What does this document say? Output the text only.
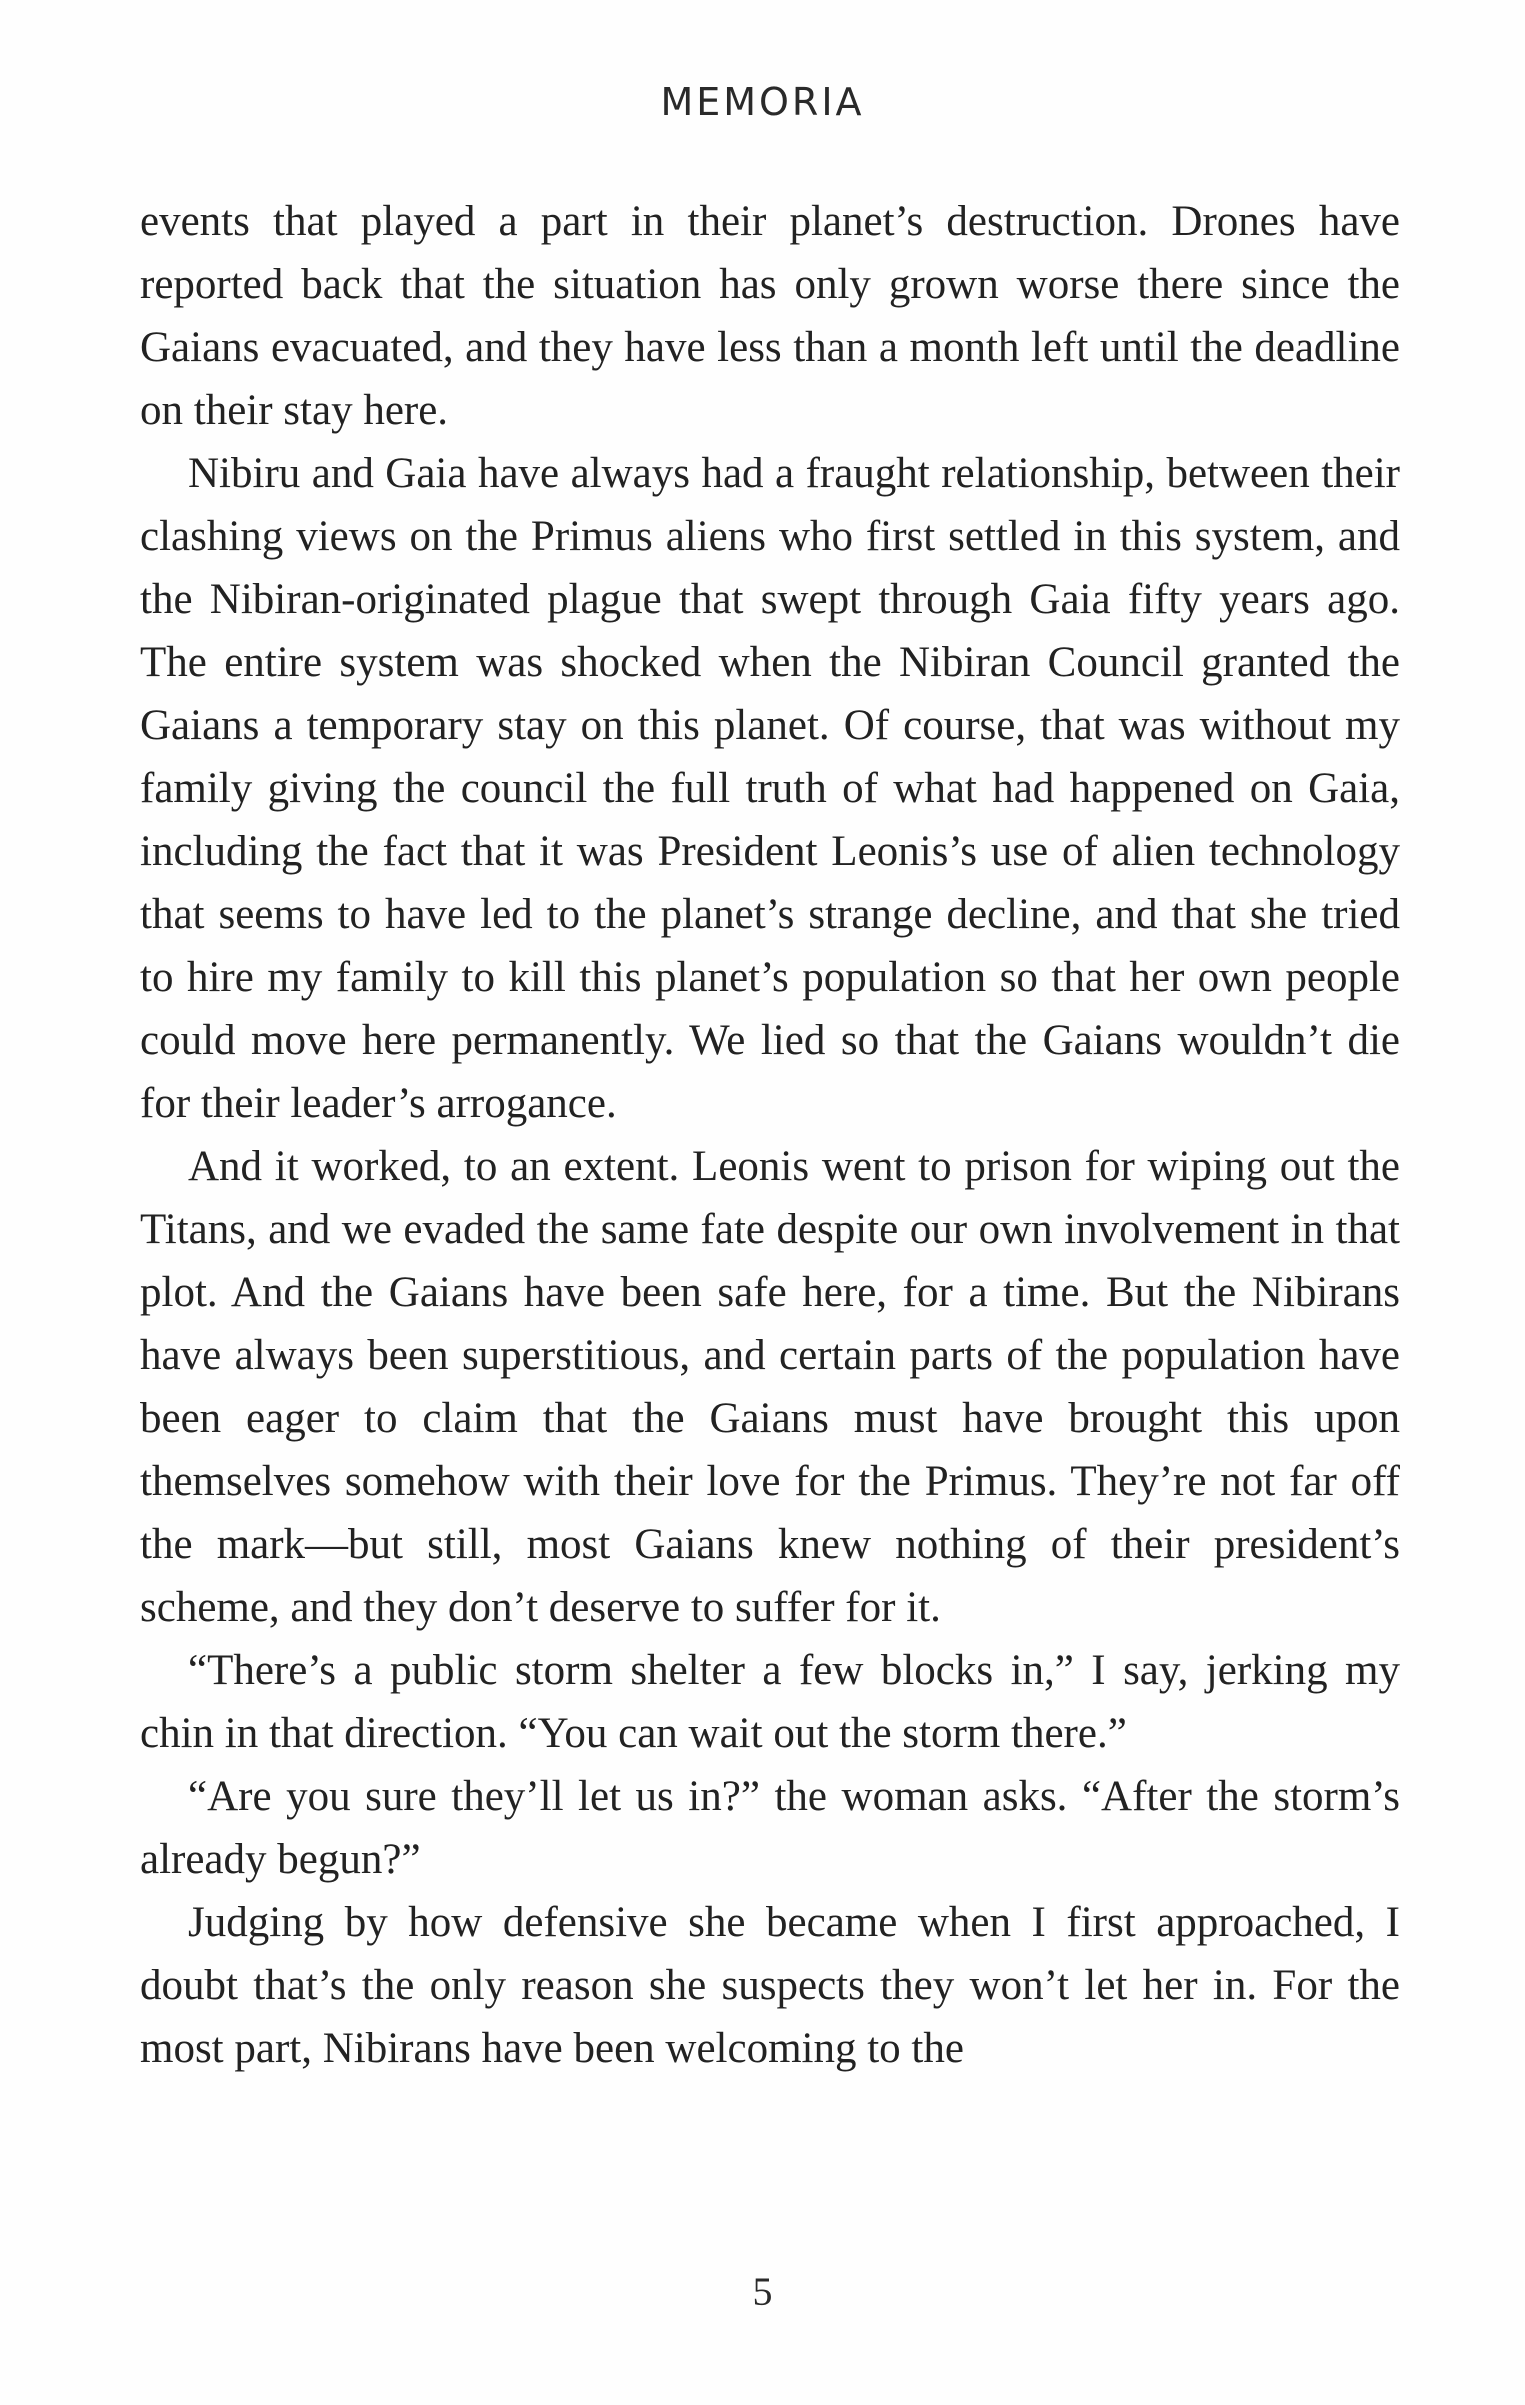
MEMORIA

events that played a part in their planet’s destruction. Drones have reported back that the situation has only grown worse there since the Gaians evacuated, and they have less than a month left until the deadline on their stay here.

Nibiru and Gaia have always had a fraught relationship, between their clashing views on the Primus aliens who first settled in this system, and the Nibiran-originated plague that swept through Gaia fifty years ago. The entire system was shocked when the Nibiran Council granted the Gaians a temporary stay on this planet. Of course, that was without my family giving the council the full truth of what had happened on Gaia, including the fact that it was President Leonis’s use of alien technology that seems to have led to the planet’s strange decline, and that she tried to hire my family to kill this planet’s population so that her own people could move here permanently. We lied so that the Gaians wouldn’t die for their leader’s arrogance.

And it worked, to an extent. Leonis went to prison for wiping out the Titans, and we evaded the same fate despite our own involvement in that plot. And the Gaians have been safe here, for a time. But the Nibirans have always been superstitious, and certain parts of the population have been eager to claim that the Gaians must have brought this upon themselves somehow with their love for the Primus. They’re not far off the mark—but still, most Gaians knew nothing of their president’s scheme, and they don’t deserve to suffer for it.

“There’s a public storm shelter a few blocks in,” I say, jerking my chin in that direction. “You can wait out the storm there.”

“Are you sure they’ll let us in?” the woman asks. “After the storm’s already begun?”

Judging by how defensive she became when I first approached, I doubt that’s the only reason she suspects they won’t let her in. For the most part, Nibirans have been welcoming to the

5
